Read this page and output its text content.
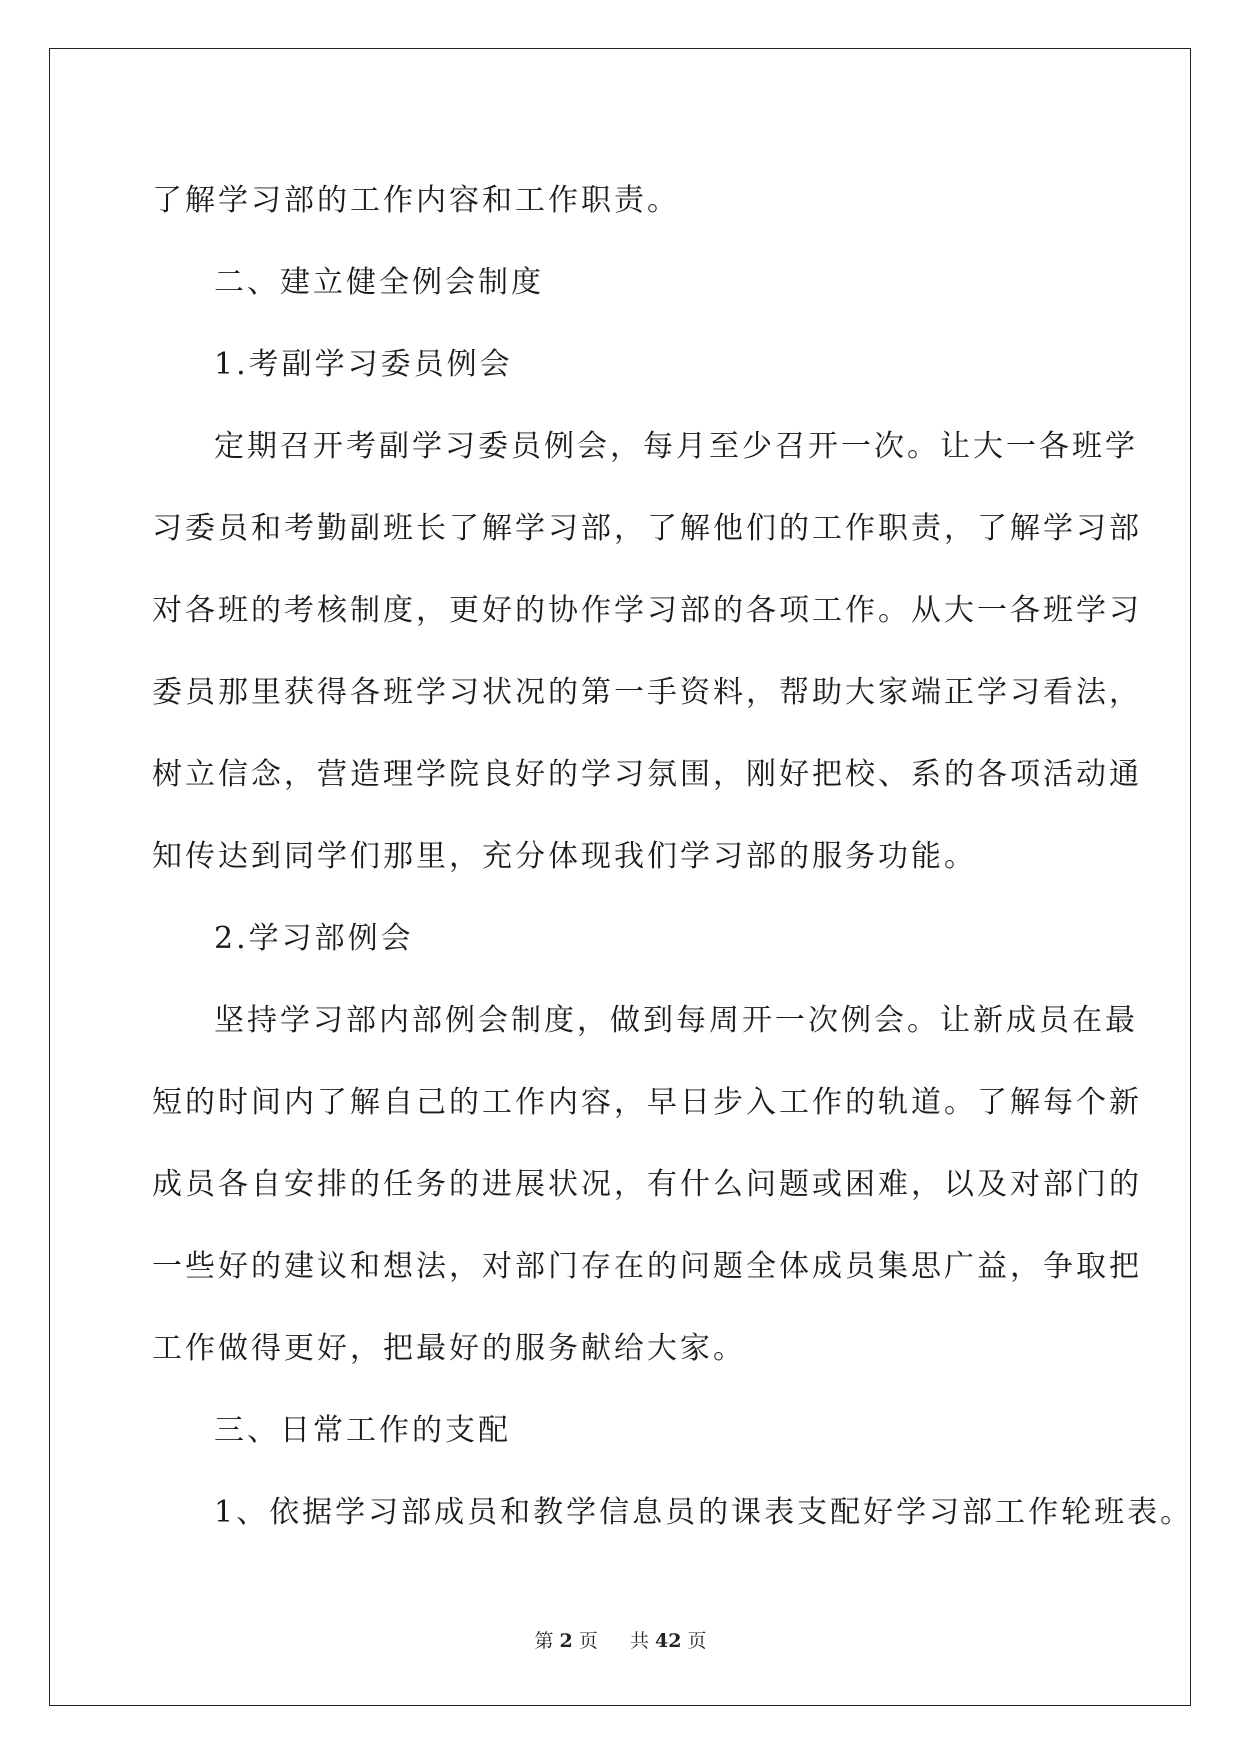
了解学习部的工作内容和工作职责。
二、建立健全例会制度
1.考副学习委员例会
定期召开考副学习委员例会，每月至少召开一次。让大一各班学
习委员和考勤副班长了解学习部，了解他们的工作职责，了解学习部
对各班的考核制度，更好的协作学习部的各项工作。从大一各班学习
委员那里获得各班学习状况的第一手资料，帮助大家端正学习看法，
树立信念，营造理学院良好的学习氛围，刚好把校、系的各项活动通
知传达到同学们那里，充分体现我们学习部的服务功能。
2.学习部例会
坚持学习部内部例会制度，做到每周开一次例会。让新成员在最
短的时间内了解自己的工作内容，早日步入工作的轨道。了解每个新
成员各自安排的任务的进展状况，有什么问题或困难，以及对部门的
一些好的建议和想法，对部门存在的问题全体成员集思广益，争取把
工作做得更好，把最好的服务献给大家。
三、日常工作的支配
1、依据学习部成员和教学信息员的课表支配好学习部工作轮班表。
第 2 页 共 42 页
